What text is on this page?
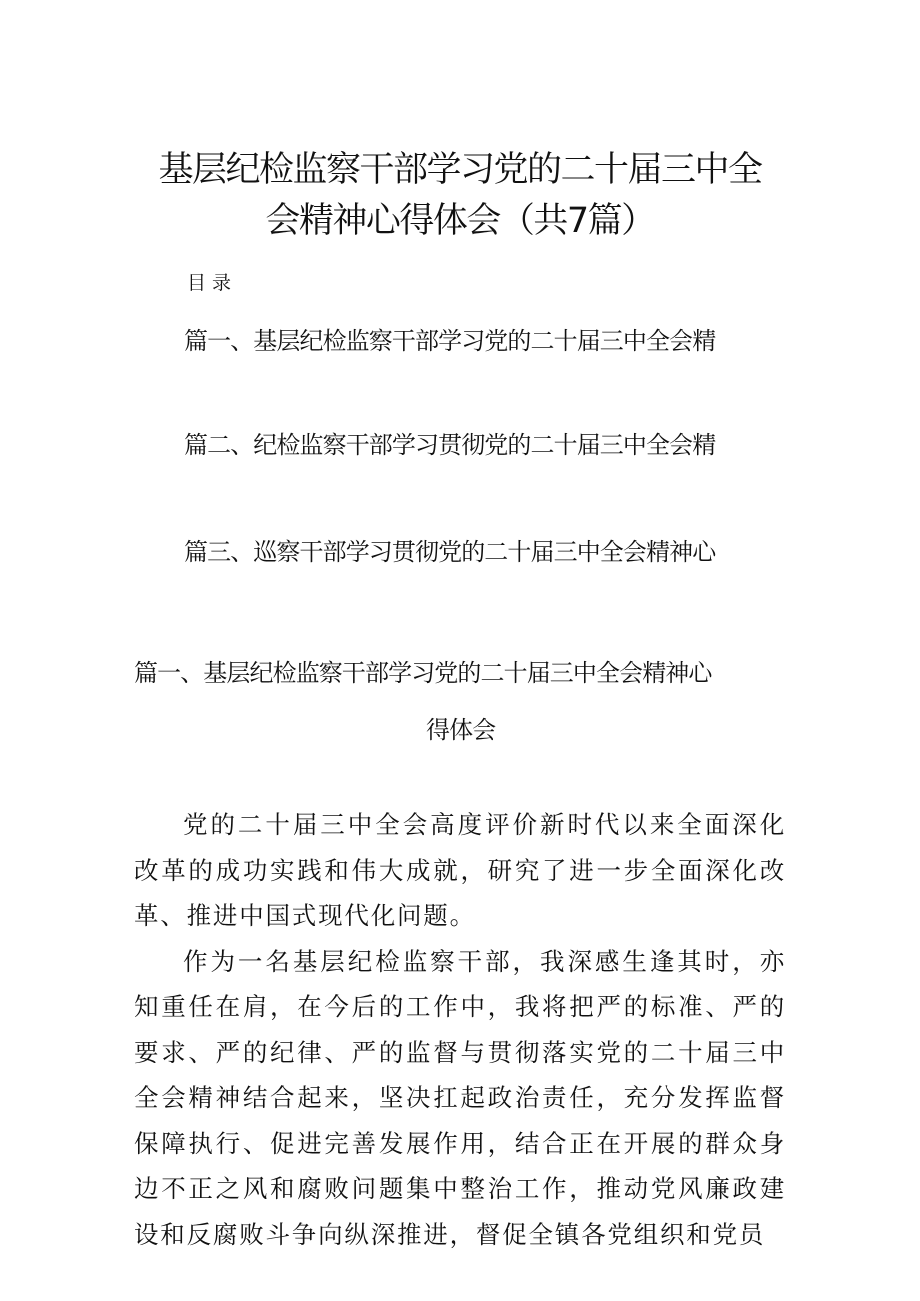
基层纪检监察干部学习党的二十届三中全
会精神心得体会（共7篇）
目录
篇一、基层纪检监察干部学习党的二十届三中全会精
篇二、纪检监察干部学习贯彻党的二十届三中全会精
篇三、巡察干部学习贯彻党的二十届三中全会精神心
篇一、基层纪检监察干部学习党的二十届三中全会精神心
得体会

党的二十届三中全会高度评价新时代以来全面深化改革的成功实践和伟大成就，研究了进一步全面深化改革、推进中国式现代化问题。

作为一名基层纪检监察干部，我深感生逢其时，亦知重任在肩，在今后的工作中，我将把严的标准、严的要求、严的纪律、严的监督与贯彻落实党的二十届三中全会精神结合起来，坚决扛起政治责任，充分发挥监督保障执行、促进完善发展作用，结合正在开展的群众身边不正之风和腐败问题集中整治工作，推动党风廉政建设和反腐败斗争向纵深推进，督促全镇各党组织和党员
